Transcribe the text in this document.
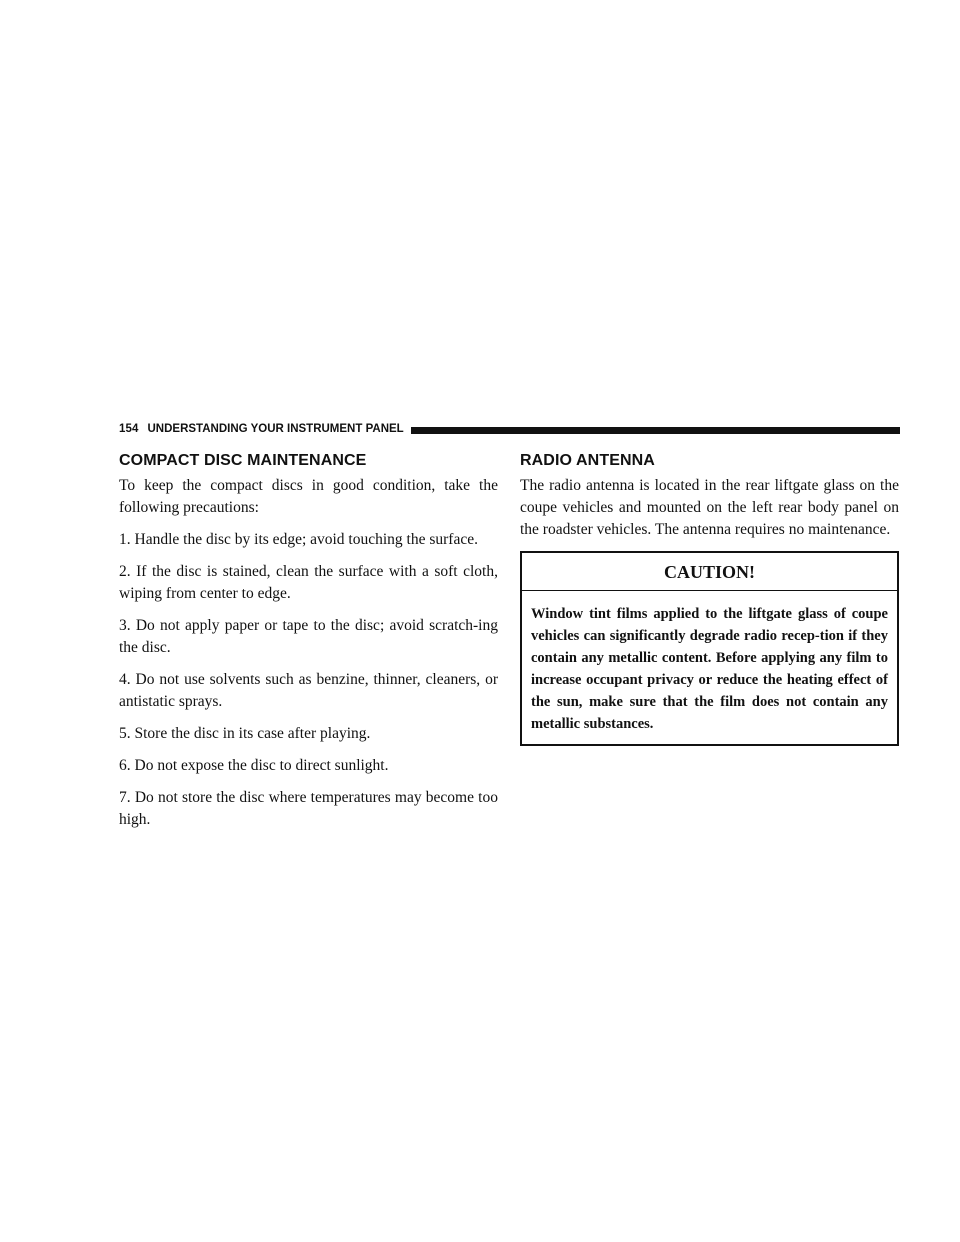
154 UNDERSTANDING YOUR INSTRUMENT PANEL
COMPACT DISC MAINTENANCE

To keep the compact discs in good condition, take the following precautions:

1. Handle the disc by its edge; avoid touching the surface.

2. If the disc is stained, clean the surface with a soft cloth, wiping from center to edge.

3. Do not apply paper or tape to the disc; avoid scratch-ing the disc.

4. Do not use solvents such as benzine, thinner, cleaners, or antistatic sprays.

5. Store the disc in its case after playing.

6. Do not expose the disc to direct sunlight.

7. Do not store the disc where temperatures may become too high.

RADIO ANTENNA

The radio antenna is located in the rear liftgate glass on the coupe vehicles and mounted on the left rear body panel on the roadster vehicles. The antenna requires no maintenance.

CAUTION!
Window tint films applied to the liftgate glass of coupe vehicles can significantly degrade radio recep-tion if they contain any metallic content. Before applying any film to increase occupant privacy or reduce the heating effect of the sun, make sure that the film does not contain any metallic substances.
